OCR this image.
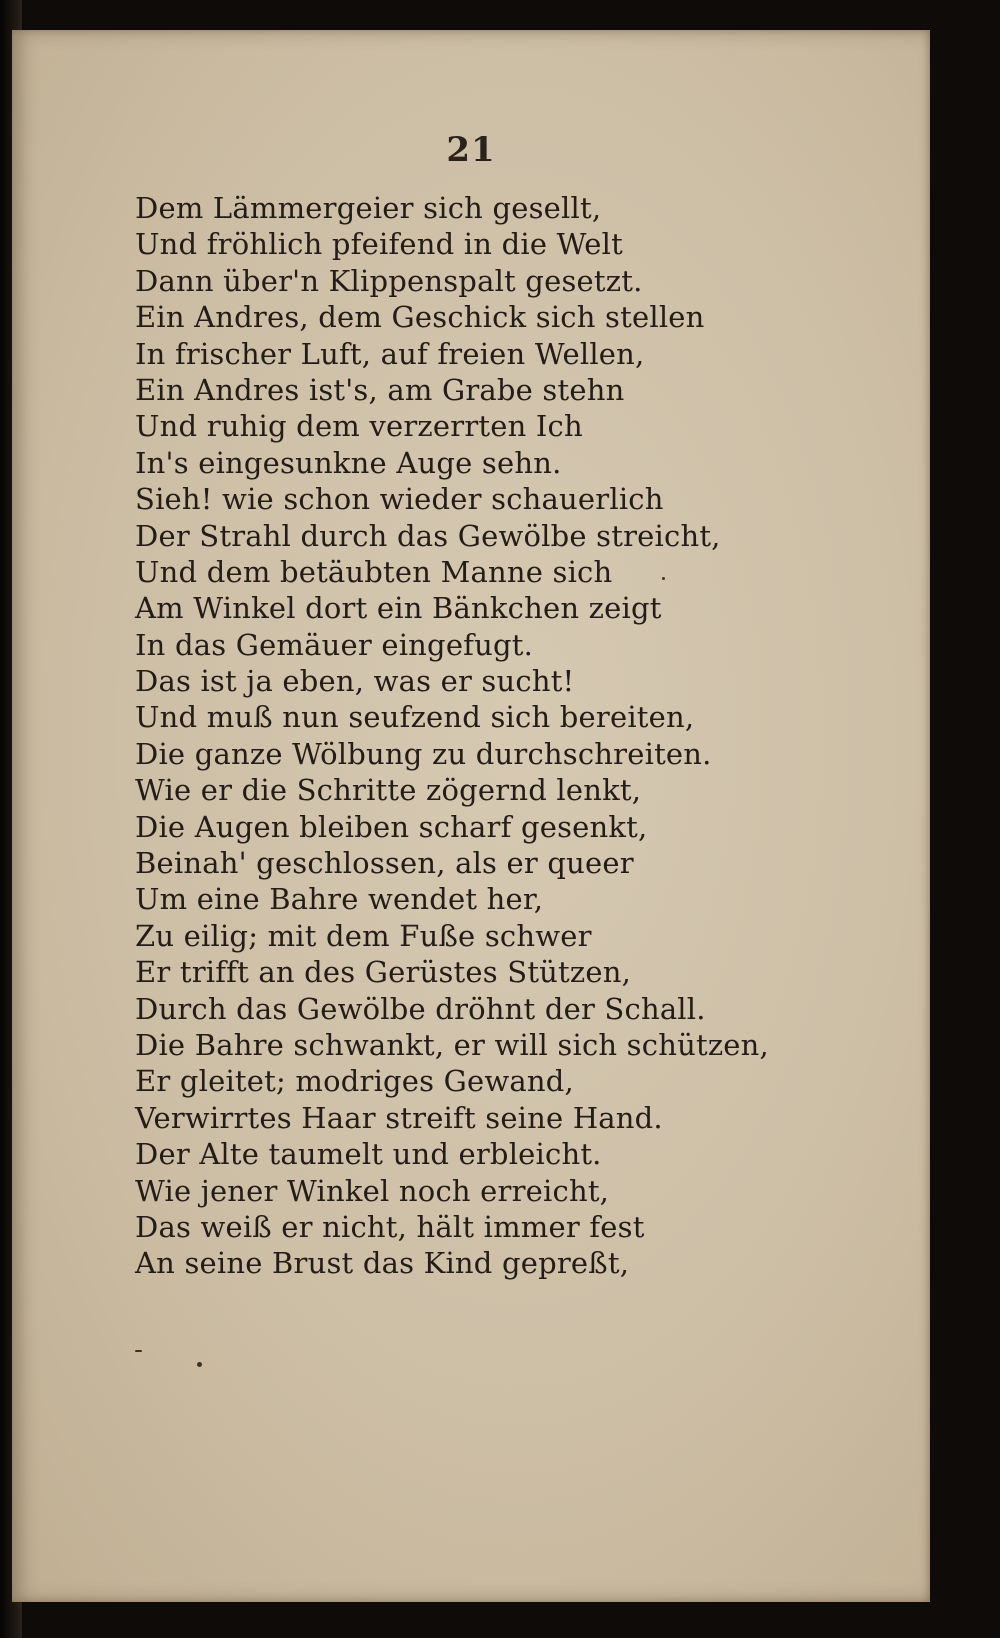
21
Dem Lämmergeier sich gesellt,
Und fröhlich pfeifend in die Welt
Dann über'n Klippenspalt gesetzt.
Ein Andres, dem Geschick sich stellen
In frischer Luft, auf freien Wellen,
Ein Andres ist's, am Grabe stehn
Und ruhig dem verzerrten Ich
In's eingesunkne Auge sehn.
Sieh! wie schon wieder schauerlich
Der Strahl durch das Gewölbe streicht,
Und dem betäubten Manne sich
Am Winkel dort ein Bänkchen zeigt
In das Gemäuer eingefugt.
Das ist ja eben, was er sucht!
Und muß nun seufzend sich bereiten,
Die ganze Wölbung zu durchschreiten.
Wie er die Schritte zögernd lenkt,
Die Augen bleiben scharf gesenkt,
Beinah' geschlossen, als er queer
Um eine Bahre wendet her,
Zu eilig; mit dem Fuße schwer
Er trifft an des Gerüstes Stützen,
Durch das Gewölbe dröhnt der Schall.
Die Bahre schwankt, er will sich schützen,
Er gleitet; modriges Gewand,
Verwirrtes Haar streift seine Hand.
Der Alte taumelt und erbleicht.
Wie jener Winkel noch erreicht,
Das weiß er nicht, hält immer fest
An seine Brust das Kind gepreßt,
